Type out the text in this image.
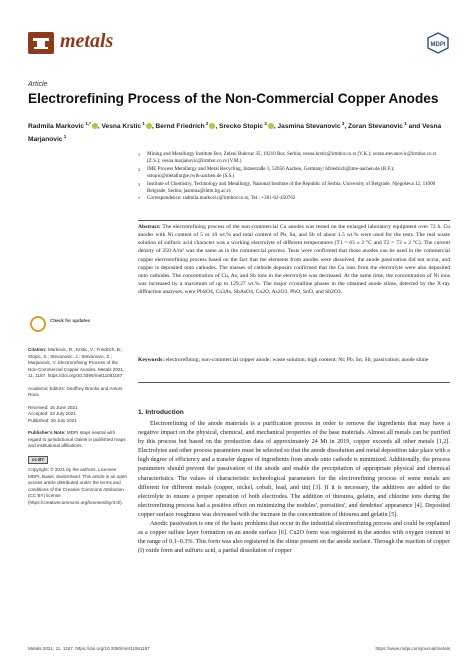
metals	MDPI
Article
Electrorefining Process of the Non-Commercial Copper Anodes
Radmila Markovic $^{1,*}$ , Vesna Krstic $^1$ , Bernd Friedrich $^2$ , Srecko Stopic $^2$ , Jasmina Stevanovic $^3$, Zoran Stevanovic $^1$ and Vesna Marjanovic $^1$
1 Mining and Metallurgy Institute Bor, Zeleni Bulevar 35, 19210 Bor, Serbia; vesna.krstic@irmbor.co.rs (V.K.); zoran.stevanovic@irmbor.co.rs (Z.S.); vesna.marjanovic@irmbor.co.rs (V.M.)
2 IME Process Metallurgy and Metal Recycling, Intzestraße 3, 52056 Aachen, Germany; bfriedrich@ime-aachen.de (B.F.); sstopic@metallurgie.rwth-aachen.de (S.S.)
3 Institute of Chemistry, Technology and Metallurgy, National Institute of the Republic of Serbia, University of Belgrade, Njegoševa 12, 11000 Belgrade, Serbia; jasmina@ihtm.bg.ac.rs
* Correspondence: radmila.markovic@irmbor.co.rs; Tel.: +381-62-450762
Abstract: The electrorefining process of the non-commercial Cu anodes was tested on the enlarged laboratory equipment over 72 h. Cu anodes with Ni content of 5 or 10 wt.% and total content of Pb, Sn, and Sb of about 1.5 wt.% were used for the tests. The real waste solution of sulfuric acid character was a working electrolyte of different temperatures (T1 = 63 ± 2 °C and T2 = 73 ± 2 °C). The current density of 250 A/m² was the same as in the commercial process. Tests were confirmed that those anodes can be used in the commercial copper electrorefining process based on the fact that the elements from anodes were dissolved, the anode passivation did not occur, and copper is deposited onto cathodes. The masses of cathode deposits confirmed that the Cu ions from the electrolyte were also deposited onto cathodes. The concentration of Cu, As, and Sb ions in the electrolyte was decreased. At the same time, the concentration of Ni ions was increased by a maximum of up to 129.27 wt.%. The major crystalline phases in the obtained anode slime, detected by the X-ray diffraction analyses, were PbSO4, Cu3As, SbAsO4, Cu2O, As2O3, PbO, SnO, and Sb2O3.
Keywords: electrorefining; non-commercial copper anode; waste solution; high content; Ni; Pb; Sn; Sb; passivation; anode slime
Check for updates
Citation: Markovic, R.; Krstic, V.; Friedrich, B.; Stopic, S.; Stevanovic, J.; Stevanovic, Z.; Marjanovic, V. Electrorefining Process of the Non-Commercial Copper Anodes. Metals 2021, 11, 1187. https://doi.org/10.3390/met11081187
Academic Editors: Geoffrey Brooks and Antoni Roca
Received: 15 June 2021
Accepted: 23 July 2021
Published: 26 July 2021
Publisher's Note: MDPI stays neutral with regard to jurisdictional claims in published maps and institutional affiliations.
cc BY
Copyright: © 2021 by the authors. Licensee MDPI, Basel, Switzerland. This article is an open access article distributed under the terms and conditions of the Creative Commons Attribution (CC BY) license (https://creativecommons.org/licenses/by/4.0/).
1. Introduction

Electrorefining of the anode materials is a purification process in order to remove the ingredients that may have a negative impact on the physical, chemical, and mechanical properties of the base materials. Almost all metals can be purified by this process but based on the production data of approximately 24 Mt in 2019, copper exceeds all other metals [1,2]. Electrolytes and other process parameters must be selected so that the anode dissolution and metal deposition take place with a high degree of efficiency and a transfer degree of ingredients from anode onto cathode is minimized. Additionally, the process parameters should prevent the passivation of the anode and enable the precipitation of appropriate physical and chemical characteristics. The values of characteristic technological parameters for the electrorefining process of some metals are different for different metals (copper, nickel, cobalt, lead, and tin) [3]. If it is necessary, the additives are added to the electrolyte to ensure a proper operation of both electrodes. The addition of thiourea, gelatin, and chlorine ions during the electrorefining process had a positive effect on minimizing the nodules', porosities', and dendrites' appearance [4]. Deposited copper surface roughness was decreased with the increase in the concentration of thiourea and gelatin [5].

Anodic passivation is one of the basic problems that occur in the industrial electrorefining process and could be explained as a copper sulfate layer formation on an anode surface [6]. Cu2O form was registered in the anodes with oxygen content in the range of 0.1–0.3%. This form was also registered in the slime present on the anode surface. Through the reaction of copper (I) oxide form and sulfuric acid, a partial dissolution of copper

Metals 2021, 11, 1187. https://doi.org/10.3390/met11081187	https://www.mdpi.com/journal/metals
